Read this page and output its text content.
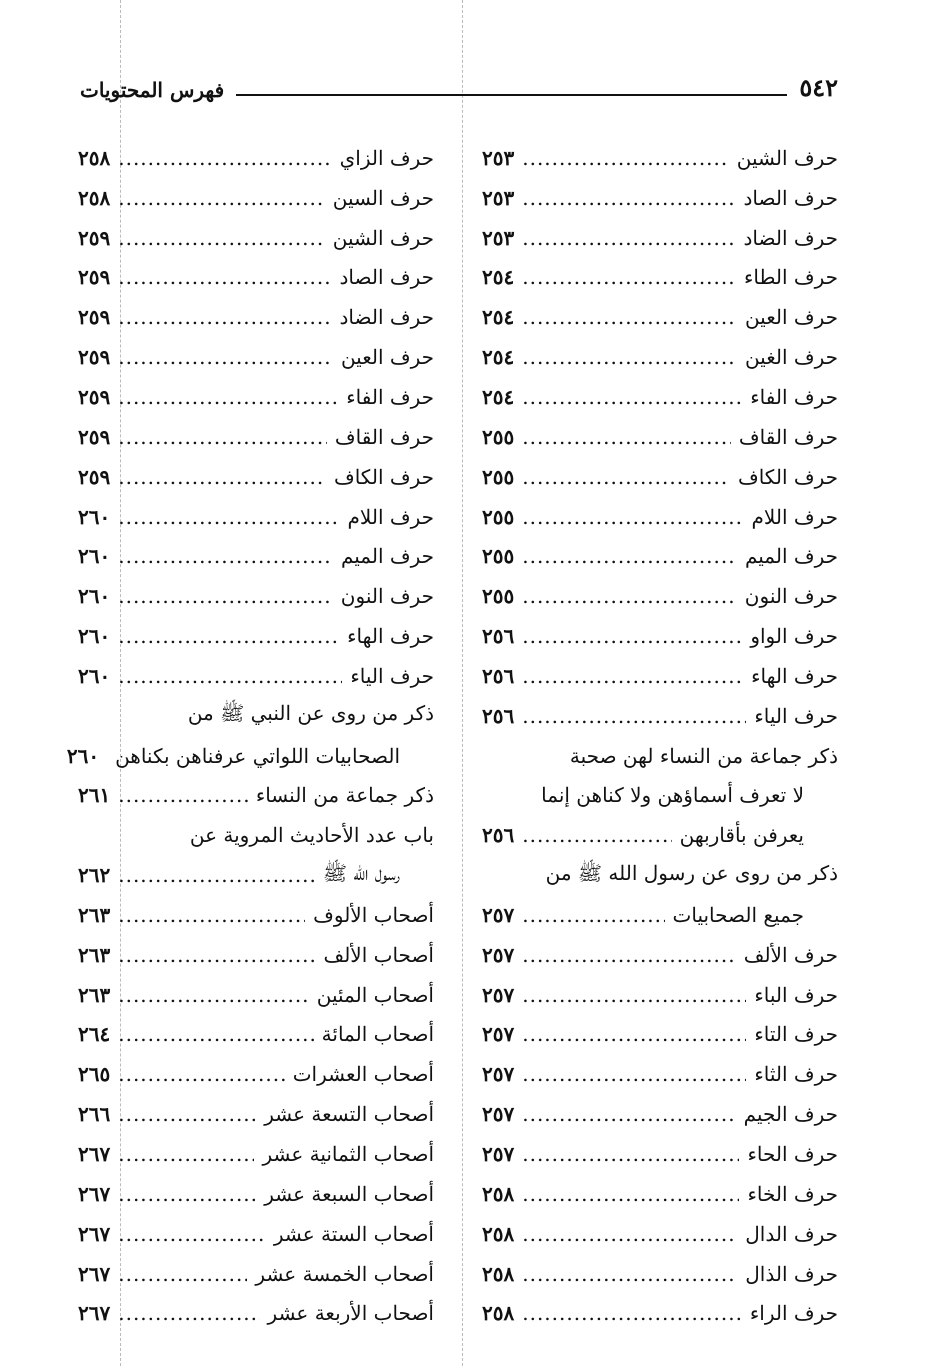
٥٤٢
فهرس المحتويات
حرف الشين
.....
٢٥٣
حرف الصاد
.....
٢٥٣
حرف الضاد
.....
٢٥٣
حرف الطاء
.....
٢٥٤
حرف العين
.....
٢٥٤
حرف الغين
.....
٢٥٤
حرف الفاء
.....
٢٥٤
حرف القاف
.....
٢٥٥
حرف الكاف
.....
٢٥٥
حرف اللام
.....
٢٥٥
حرف الميم
.....
٢٥٥
حرف النون
.....
٢٥٥
حرف الواو
.....
٢٥٦
حرف الهاء
.....
٢٥٦
حرف الياء
.....
٢٥٦
ذكر جماعة من النساء لهن صحبة
لا تعرف أسماؤهن ولا كناهن إنما
يعرفن بأقاربهن
.....
٢٥٦
ذكر من روى عن رسول الله ﷺ من
جميع الصحابيات
.....
٢٥٧
حرف الألف
.....
٢٥٧
حرف الباء
.....
٢٥٧
حرف التاء
.....
٢٥٧
حرف الثاء
.....
٢٥٧
حرف الجيم
.....
٢٥٧
حرف الحاء
.....
٢٥٧
حرف الخاء
.....
٢٥٨
حرف الدال
.....
٢٥٨
حرف الذال
.....
٢٥٨
حرف الراء
.....
٢٥٨
حرف الزاي
.....
٢٥٨
حرف السين
.....
٢٥٨
حرف الشين
.....
٢٥٩
حرف الصاد
.....
٢٥٩
حرف الضاد
.....
٢٥٩
حرف العين
.....
٢٥٩
حرف الفاء
.....
٢٥٩
حرف القاف
.....
٢٥٩
حرف الكاف
.....
٢٥٩
حرف اللام
.....
٢٦٠
حرف الميم
.....
٢٦٠
حرف النون
.....
٢٦٠
حرف الهاء
.....
٢٦٠
حرف الياء
.....
٢٦٠
ذكر من روى عن النبي ﷺ من
الصحابيات اللواتي عرفناهن بكناهن
٢٦٠
ذكر جماعة من النساء
.....
٢٦١
باب عدد الأحاديث المروية عن
رسول الله ﷺ
.....
٢٦٢
أصحاب الألوف
.....
٢٦٣
أصحاب الألف
.....
٢٦٣
أصحاب المئين
.....
٢٦٣
أصحاب المائة
.....
٢٦٤
أصحاب العشرات
.....
٢٦٥
أصحاب التسعة عشر
.....
٢٦٦
أصحاب الثمانية عشر
.....
٢٦٧
أصحاب السبعة عشر
.....
٢٦٧
أصحاب الستة عشر
.....
٢٦٧
أصحاب الخمسة عشر
.....
٢٦٧
أصحاب الأربعة عشر
.....
٢٦٧
